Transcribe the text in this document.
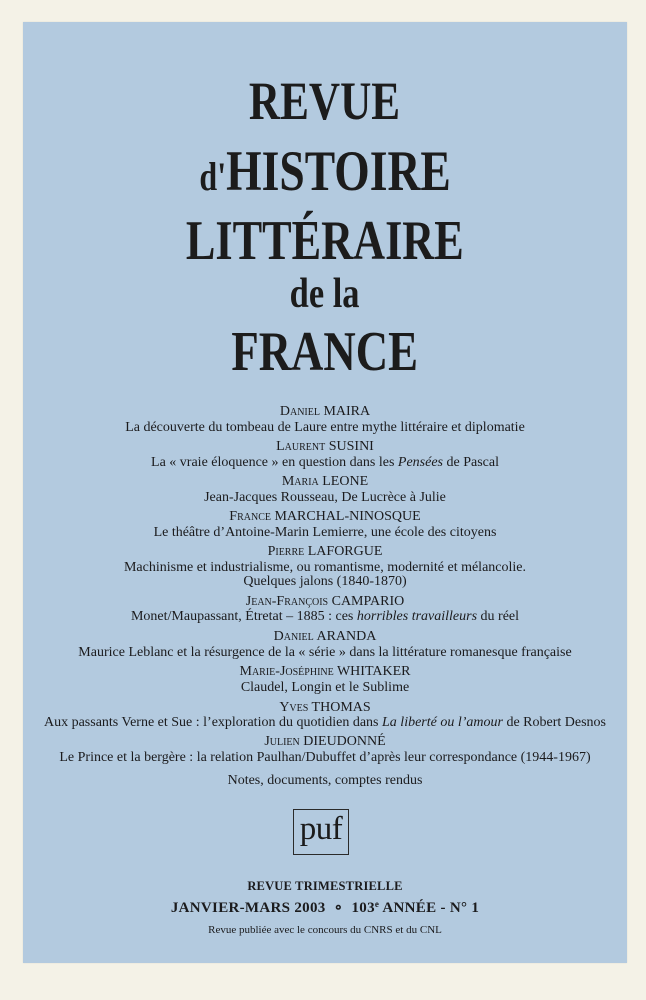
REVUE
d'HISTOIRE
LITTÉRAIRE
de la
FRANCE
Daniel MAIRA
La découverte du tombeau de Laure entre mythe littéraire et diplomatie
Laurent SUSINI
La « vraie éloquence » en question dans les Pensées de Pascal
Maria LEONE
Jean-Jacques Rousseau, De Lucrèce à Julie
France MARCHAL-NINOSQUE
Le théâtre d’Antoine-Marin Lemierre, une école des citoyens
Pierre LAFORGUE
Machinisme et industrialisme, ou romantisme, modernité et mélancolie.
Quelques jalons (1840-1870)
Jean-François CAMPARIO
Monet/Maupassant, Étretat – 1885 : ces horribles travailleurs du réel
Daniel ARANDA
Maurice Leblanc et la résurgence de la « série » dans la littérature romanesque française
Marie-Joséphine WHITAKER
Claudel, Longin et le Sublime
Yves THOMAS
Aux passants Verne et Sue : l’exploration du quotidien dans La liberté ou l’amour de Robert Desnos
Julien DIEUDONNÉ
Le Prince et la bergère : la relation Paulhan/Dubuffet d’après leur correspondance (1944-1967)
Notes, documents, comptes rendus
puf
REVUE TRIMESTRIELLE
JANVIER-MARS 2003 ∘ 103e ANNÉE - N° 1
Revue publiée avec le concours du CNRS et du CNL
